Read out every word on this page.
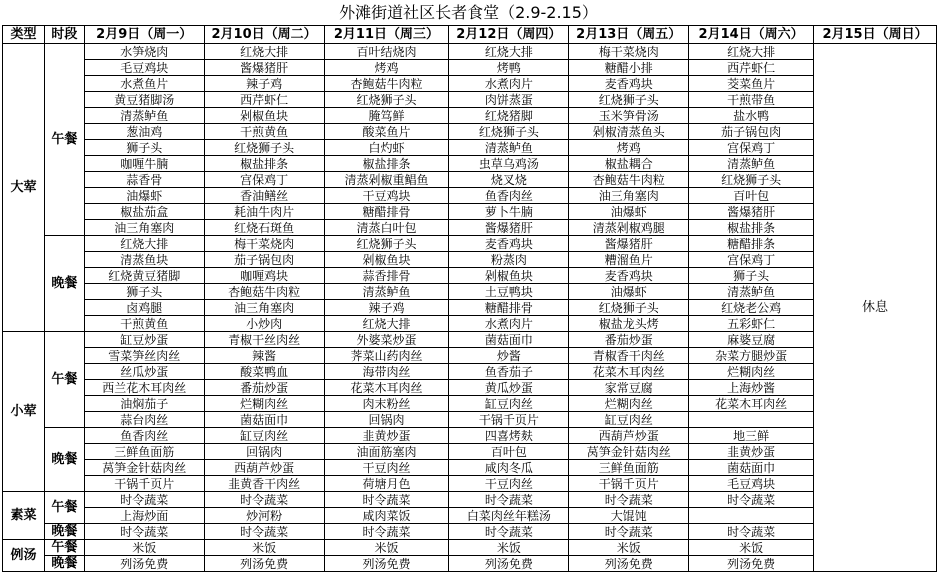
外滩街道社区长者食堂（2.9-2.15）
类型	时段	2月9日（周一）	2月10日（周二）	2月11日（周三）	2月12日（周四）	2月13日（周五）	2月14日（周六）	2月15日（周日）
大荤	午餐	水笋烧肉	红烧大排	百叶结烧肉	红烧大排	梅干菜烧肉	红烧大排	休息
		毛豆鸡块	酱爆猪肝	烤鸡	烤鸭	糖醋小排	西芹虾仁	
		水煮鱼片	辣子鸡	杏鲍菇牛肉粒	水煮肉片	麦香鸡块	茭菜鱼片	
		黄豆猪脚汤	西芹虾仁	红烧狮子头	肉饼蒸蛋	红烧狮子头	干煎带鱼	
		清蒸鲈鱼	剁椒鱼块	腌笃鲜	红烧猪脚	玉米笋骨汤	盐水鸭	
		葱油鸡	干煎黄鱼	酸菜鱼片	红烧狮子头	剁椒清蒸鱼头	茄子锅包肉	
		狮子头	红烧狮子头	白灼虾	清蒸鲈鱼	烤鸡	宫保鸡丁	
		咖喱牛腩	椒盐排条	椒盐排条	虫草乌鸡汤	椒盐耦合	清蒸鲈鱼	
		蒜香骨	宫保鸡丁	清蒸剁椒重鲳鱼	烧叉烧	杏鲍菇牛肉粒	红烧狮子头	
		油爆虾	香油鳝丝	干豆鸡块	鱼香肉丝	油三角塞肉	百叶包	
		椒盐茄盒	耗油牛肉片	糖醋排骨	萝卜牛腩	油爆虾	酱爆猪肝	
		油三角塞肉	红烧石斑鱼	清蒸白叶包	酱爆猪肝	清蒸剁椒鸡腿	椒盐排条	
	晚餐	红烧大排	梅干菜烧肉	红烧狮子头	麦香鸡块	酱爆猪肝	糖醋排条	
		清蒸鱼块	茄子锅包肉	剁椒鱼块	粉蒸肉	糟溜鱼片	宫保鸡丁	
		红烧黄豆猪脚	咖喱鸡块	蒜香排骨	剁椒鱼块	麦香鸡块	狮子头	
		狮子头	杏鲍菇牛肉粒	清蒸鲈鱼	土豆鸭块	油爆虾	清蒸鲈鱼	
		卤鸡腿	油三角塞肉	辣子鸡	糖醋排骨	红烧狮子头	红烧老公鸡	
		干煎黄鱼	小炒肉	红烧大排	水煮肉片	椒盐龙头烤	五彩虾仁	
小荤	午餐	缸豆炒蛋	青椒干丝肉丝	外婆菜炒蛋	菌菇面巾	番茄炒蛋	麻婆豆腐	
		雪菜笋丝肉丝	辣酱	荠菜山药肉丝	炒酱	青椒香干肉丝	杂菜方腿炒蛋	
		丝瓜炒蛋	酸菜鸭血	海带肉丝	鱼香茄子	花菜木耳肉丝	烂糊肉丝	
		西兰花木耳肉丝	番茄炒蛋	花菜木耳肉丝	黄瓜炒蛋	家常豆腐	上海炒酱	
		油焖茄子	烂糊肉丝	肉末粉丝	缸豆肉丝	烂糊肉丝	花菜木耳肉丝	
		蒜台肉丝	菌菇面巾	回锅肉	干锅千页片	缸豆肉丝		
	晚餐	鱼香肉丝	缸豆肉丝	韭黄炒蛋	四喜烤麸	西葫芦炒蛋	地三鲜	
		三鲜鱼面筋	回锅肉	油面筋塞肉	百叶包	莴笋金针菇肉丝	韭黄炒蛋	
		莴笋金针菇肉丝	西葫芦炒蛋	干豆肉丝	咸肉冬瓜	三鲜鱼面筋	菌菇面巾	
		干锅千页片	韭黄香干肉丝	荷塘月色	干豆肉丝	干锅千页片	毛豆鸡块	
素菜	午餐	时令蔬菜	时令蔬菜	时令蔬菜	时令蔬菜	时令蔬菜	时令蔬菜	
		上海炒面	炒河粉	咸肉菜饭	白菜肉丝年糕汤	大馄饨		
	晚餐	时令蔬菜	时令蔬菜	时令蔬菜	时令蔬菜	时令蔬菜	时令蔬菜	
例汤	午餐	米饭	米饭	米饭	米饭	米饭	米饭	
	晚餐	列汤免费	列汤免费	列汤免费	列汤免费	列汤免费	列汤免费	
